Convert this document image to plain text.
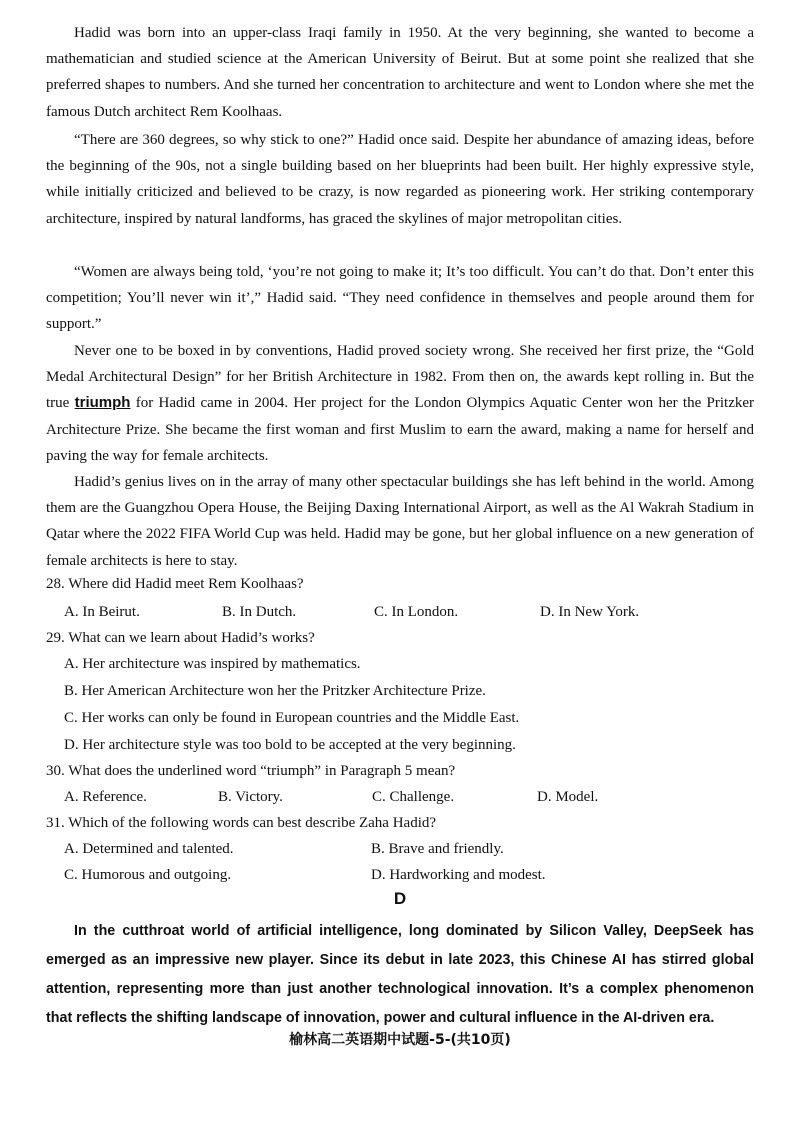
Hadid was born into an upper-class Iraqi family in 1950. At the very beginning, she wanted to become a mathematician and studied science at the American University of Beirut. But at some point she realized that she preferred shapes to numbers. And she turned her concentration to architecture and went to London where she met the famous Dutch architect Rem Koolhaas.

“There are 360 degrees, so why stick to one?” Hadid once said. Despite her abundance of amazing ideas, before the beginning of the 90s, not a single building based on her blueprints had been built. Her highly expressive style, while initially criticized and believed to be crazy, is now regarded as pioneering work. Her striking contemporary architecture, inspired by natural landforms, has graced the skylines of major metropolitan cities.

“Women are always being told, ‘you’re not going to make it; It’s too difficult. You can’t do that. Don’t enter this competition; You’ll never win it’,” Hadid said. “They need confidence in themselves and people around them for support.”

Never one to be boxed in by conventions, Hadid proved society wrong. She received her first prize, the “Gold Medal Architectural Design” for her British Architecture in 1982. From then on, the awards kept rolling in. But the true triumph for Hadid came in 2004. Her project for the London Olympics Aquatic Center won her the Pritzker Architecture Prize. She became the first woman and first Muslim to earn the award, making a name for herself and paving the way for female architects.

Hadid’s genius lives on in the array of many other spectacular buildings she has left behind in the world. Among them are the Guangzhou Opera House, the Beijing Daxing International Airport, as well as the Al Wakrah Stadium in Qatar where the 2022 FIFA World Cup was held. Hadid may be gone, but her global influence on a new generation of female architects is here to stay.

28. Where did Hadid meet Rem Koolhaas?

A. In Beirut.	B. In Dutch.	C. In London.	D. In New York.

29. What can we learn about Hadid’s works?

A. Her architecture was inspired by mathematics.

B. Her American Architecture won her the Pritzker Architecture Prize.

C. Her works can only be found in European countries and the Middle East.

D. Her architecture style was too bold to be accepted at the very beginning.

30. What does the underlined word “triumph” in Paragraph 5 mean?

A. Reference.	B. Victory.	C. Challenge.	D. Model.

31. Which of the following words can best describe Zaha Hadid?

A. Determined and talented.	B. Brave and friendly.

C. Humorous and outgoing.	D. Hardworking and modest.

D

In the cutthroat world of artificial intelligence, long dominated by Silicon Valley, DeepSeek has emerged as an impressive new player. Since its debut in late 2023, this Chinese AI has stirred global attention, representing more than just another technological innovation. It’s a complex phenomenon that reflects the shifting landscape of innovation, power and cultural influence in the AI-driven era.

榆林高二英语期中试题-5-(共10页)
